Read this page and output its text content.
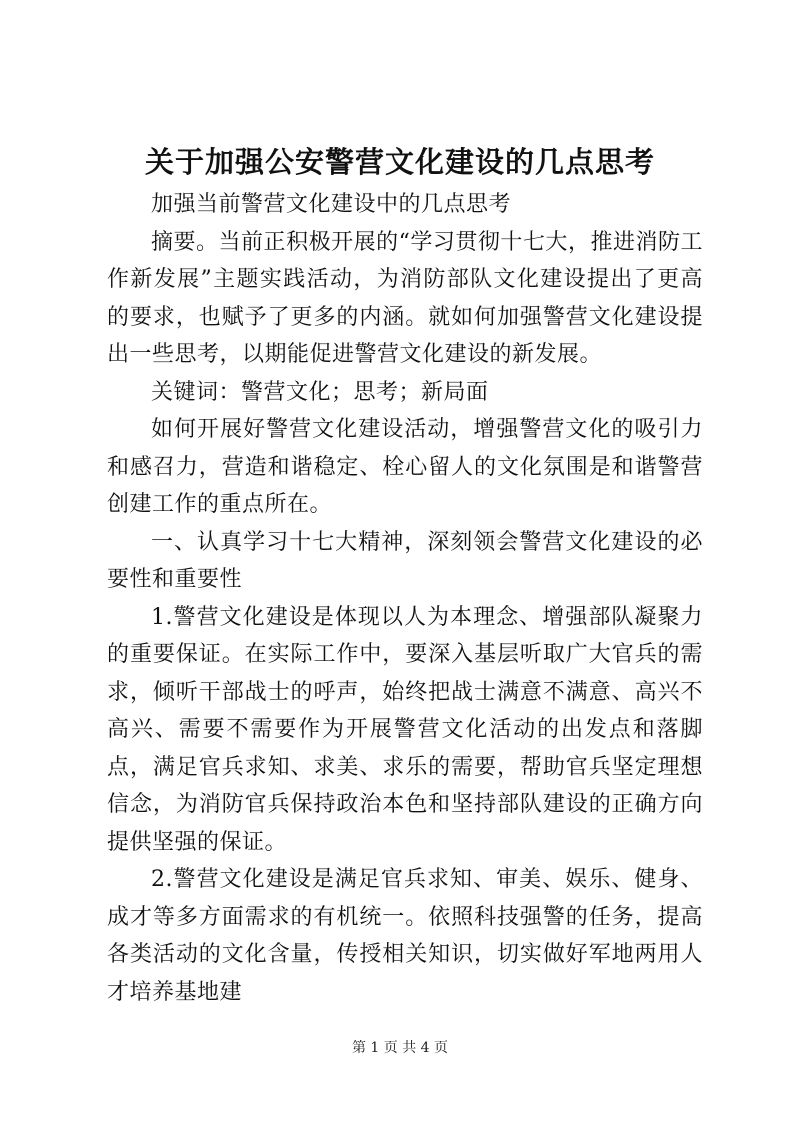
关于加强公安警营文化建设的几点思考

加强当前警营文化建设中的几点思考

摘要。当前正积极开展的“学习贯彻十七大，推进消防工作新发展”主题实践活动，为消防部队文化建设提出了更高的要求，也赋予了更多的内涵。就如何加强警营文化建设提出一些思考，以期能促进警营文化建设的新发展。

关键词：警营文化；思考；新局面

如何开展好警营文化建设活动，增强警营文化的吸引力和感召力，营造和谐稳定、栓心留人的文化氛围是和谐警营创建工作的重点所在。

一、认真学习十七大精神，深刻领会警营文化建设的必要性和重要性

1.警营文化建设是体现以人为本理念、增强部队凝聚力的重要保证。在实际工作中，要深入基层听取广大官兵的需求，倾听干部战士的呼声，始终把战士满意不满意、高兴不高兴、需要不需要作为开展警营文化活动的出发点和落脚点，满足官兵求知、求美、求乐的需要，帮助官兵坚定理想信念，为消防官兵保持政治本色和坚持部队建设的正确方向提供坚强的保证。

2.警营文化建设是满足官兵求知、审美、娱乐、健身、成才等多方面需求的有机统一。依照科技强警的任务，提高各类活动的文化含量，传授相关知识，切实做好军地两用人才培养基地建

第 1 页 共 4 页
